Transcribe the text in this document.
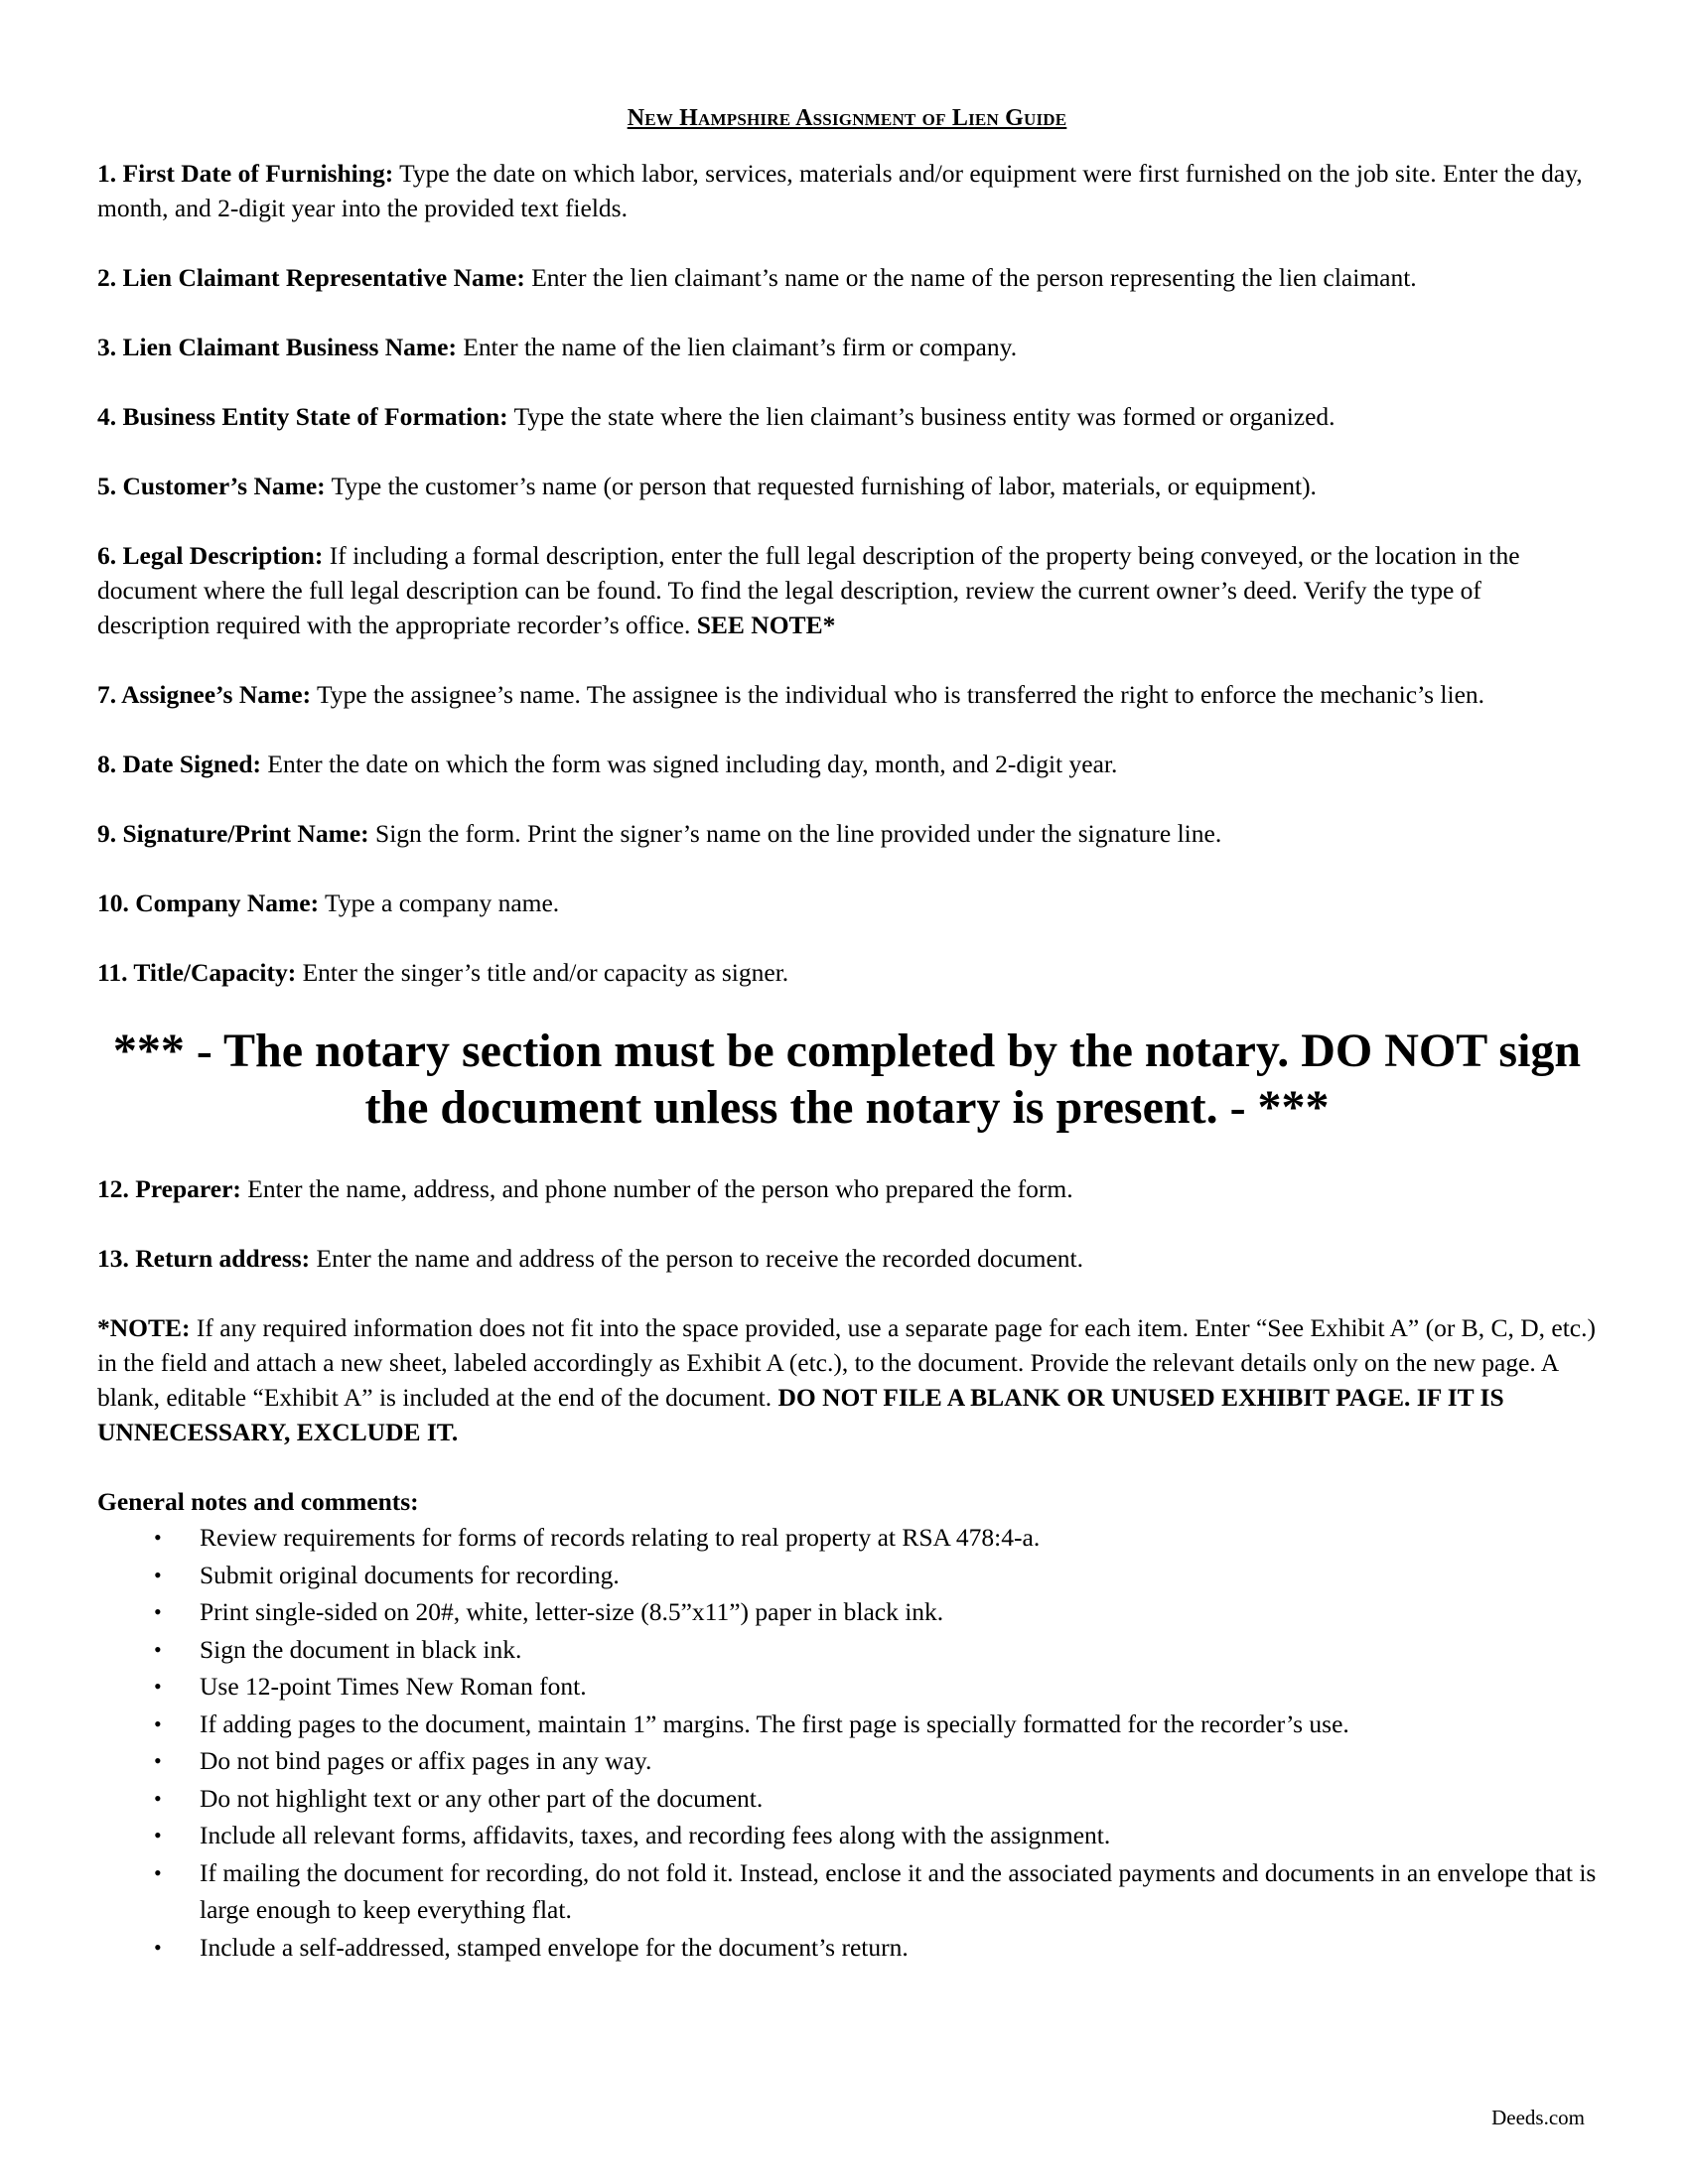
New Hampshire Assignment of Lien Guide
1. First Date of Furnishing: Type the date on which labor, services, materials and/or equipment were first furnished on the job site. Enter the day, month, and 2-digit year into the provided text fields.
2. Lien Claimant Representative Name: Enter the lien claimant’s name or the name of the person representing the lien claimant.
3. Lien Claimant Business Name: Enter the name of the lien claimant’s firm or company.
4. Business Entity State of Formation: Type the state where the lien claimant’s business entity was formed or organized.
5. Customer’s Name: Type the customer’s name (or person that requested furnishing of labor, materials, or equipment).
6. Legal Description: If including a formal description, enter the full legal description of the property being conveyed, or the location in the document where the full legal description can be found. To find the legal description, review the current owner’s deed. Verify the type of description required with the appropriate recorder’s office. SEE NOTE*
7. Assignee’s Name: Type the assignee’s name. The assignee is the individual who is transferred the right to enforce the mechanic’s lien.
8. Date Signed: Enter the date on which the form was signed including day, month, and 2-digit year.
9. Signature/Print Name: Sign the form. Print the signer’s name on the line provided under the signature line.
10. Company Name: Type a company name.
11. Title/Capacity: Enter the singer’s title and/or capacity as signer.
*** - The notary section must be completed by the notary. DO NOT sign the document unless the notary is present. - ***
12. Preparer: Enter the name, address, and phone number of the person who prepared the form.
13. Return address: Enter the name and address of the person to receive the recorded document.
*NOTE: If any required information does not fit into the space provided, use a separate page for each item. Enter “See Exhibit A” (or B, C, D, etc.) in the field and attach a new sheet, labeled accordingly as Exhibit A (etc.), to the document. Provide the relevant details only on the new page. A blank, editable “Exhibit A” is included at the end of the document. DO NOT FILE A BLANK OR UNUSED EXHIBIT PAGE. IF IT IS UNNECESSARY, EXCLUDE IT.
General notes and comments:
• Review requirements for forms of records relating to real property at RSA 478:4-a.
• Submit original documents for recording.
• Print single-sided on 20#, white, letter-size (8.5”x11”) paper in black ink.
• Sign the document in black ink.
• Use 12-point Times New Roman font.
• If adding pages to the document, maintain 1” margins. The first page is specially formatted for the recorder’s use.
• Do not bind pages or affix pages in any way.
• Do not highlight text or any other part of the document.
• Include all relevant forms, affidavits, taxes, and recording fees along with the assignment.
• If mailing the document for recording, do not fold it. Instead, enclose it and the associated payments and documents in an envelope that is large enough to keep everything flat.
• Include a self-addressed, stamped envelope for the document’s return.
Deeds.com
